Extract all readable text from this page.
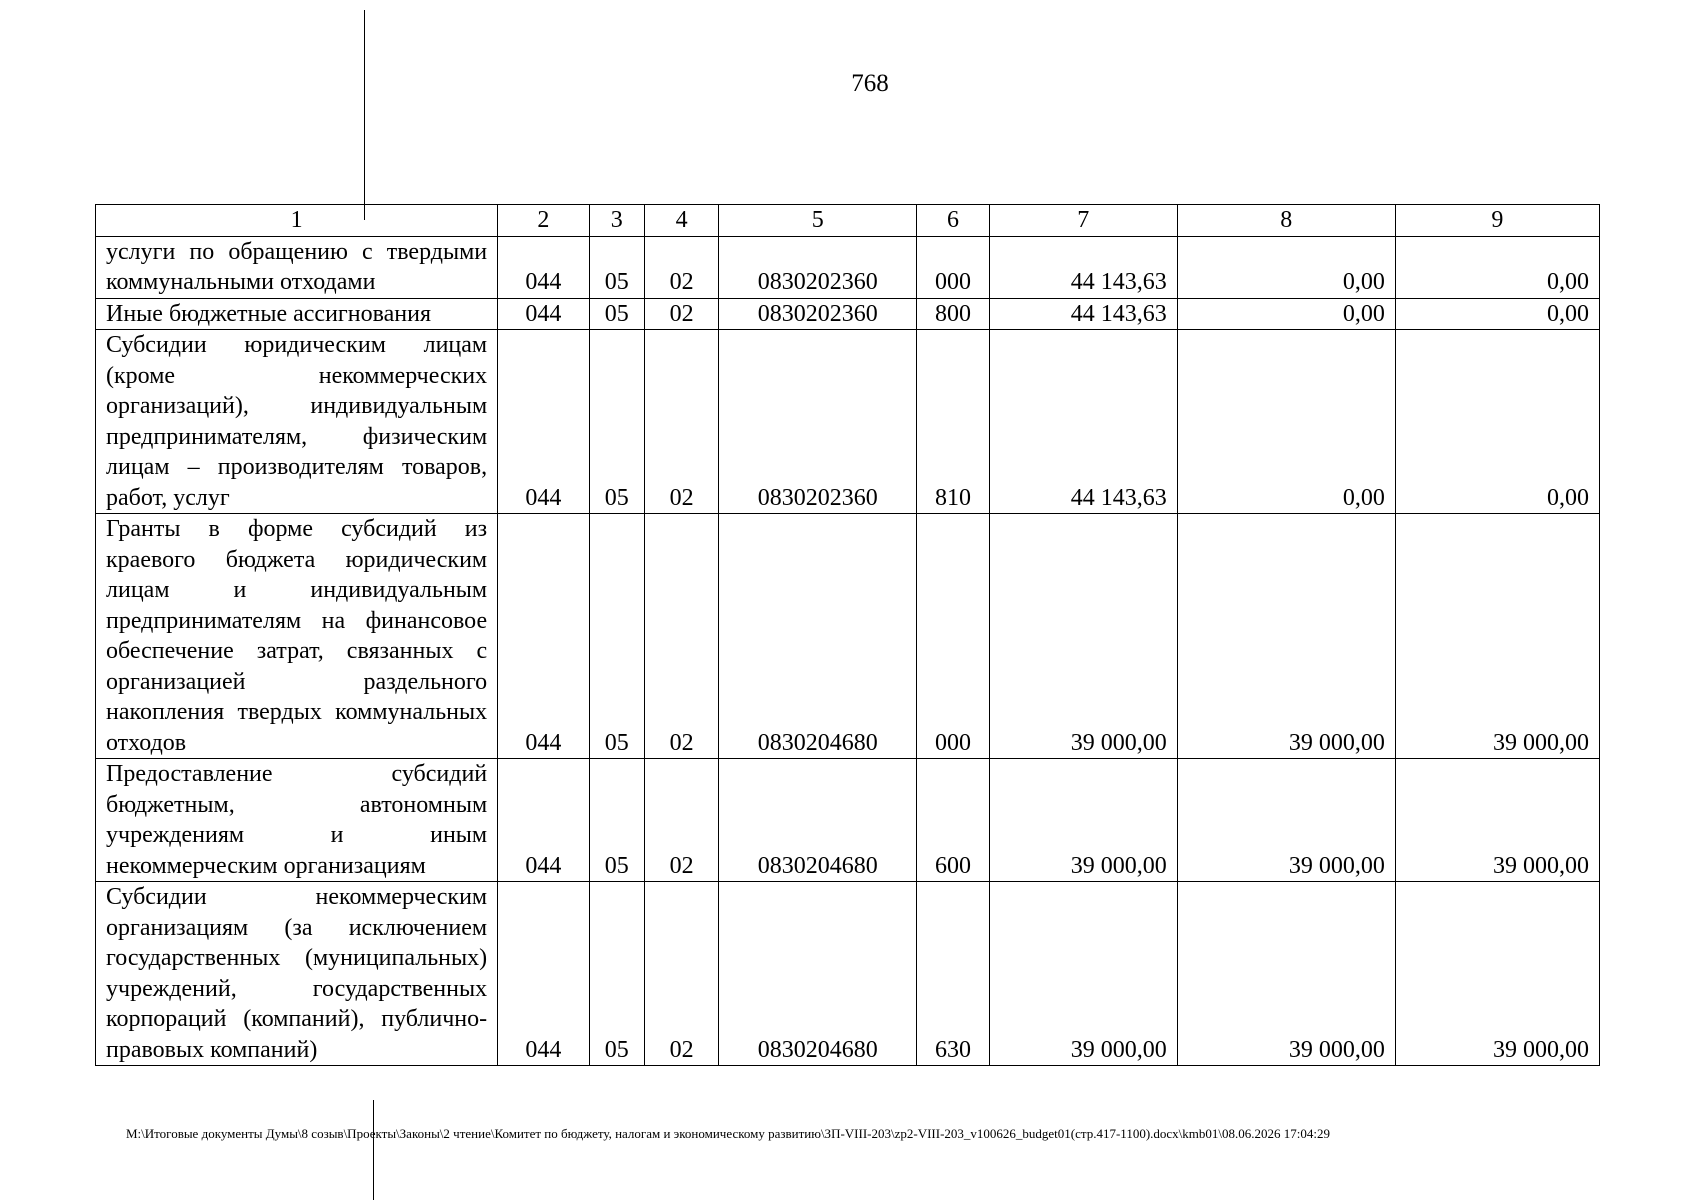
768
1	2	3	4	5	6	7	8	9
услуги по обращению с твердыми коммунальными отходами	044	05	02	0830202360	000	44 143,63	0,00	0,00
Иные бюджетные ассигнования	044	05	02	0830202360	800	44 143,63	0,00	0,00
Субсидии юридическим лицам (кроме некоммерческих организаций), индивидуальным предпринимателям, физическим лицам – производителям товаров, работ, услуг	044	05	02	0830202360	810	44 143,63	0,00	0,00
Гранты в форме субсидий из краевого бюджета юридическим лицам и индивидуальным предпринимателям на финансовое обеспечение затрат, связанных с организацией раздельного накопления твердых коммунальных отходов	044	05	02	0830204680	000	39 000,00	39 000,00	39 000,00
Предоставление субсидий бюджетным, автономным учреждениям и иным некоммерческим организациям	044	05	02	0830204680	600	39 000,00	39 000,00	39 000,00
Субсидии некоммерческим организациям (за исключением государственных (муниципальных) учреждений, государственных корпораций (компаний), публично-правовых компаний)	044	05	02	0830204680	630	39 000,00	39 000,00	39 000,00
M:\Итоговые документы Думы\8 созыв\Проекты\Законы\2 чтение\Комитет по бюджету, налогам и экономическому развитию\ЗП-VIII-203\zp2-VIII-203_v100626_budget01(стр.417-1100).docx\kmb01\08.06.2026 17:04:29
